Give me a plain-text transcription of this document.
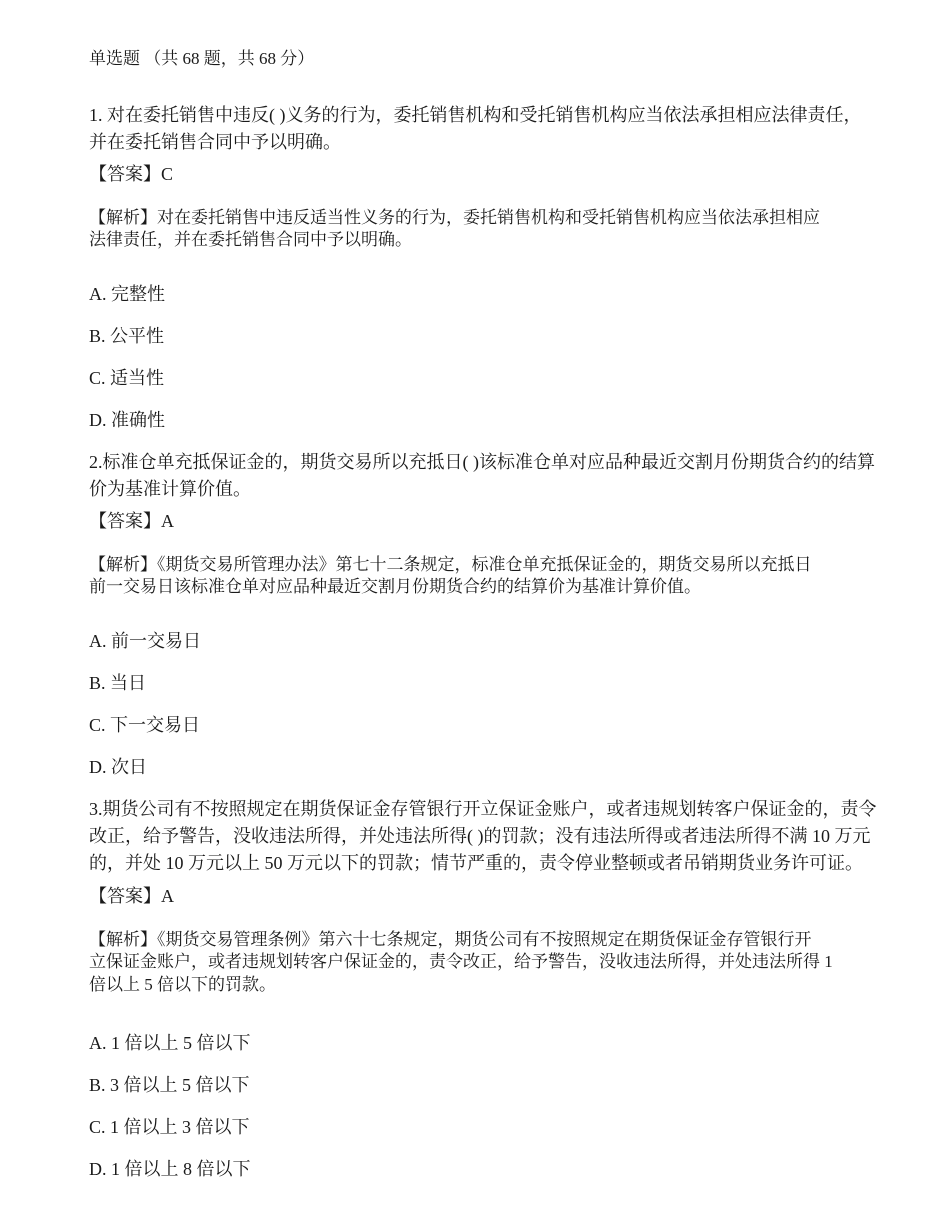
单选题 （共 68 题，共 68 分）
1. 对在委托销售中违反( )义务的行为，委托销售机构和受托销售机构应当依法承担相应法律责任，
并在委托销售合同中予以明确。
【答案】C
【解析】对在委托销售中违反适当性义务的行为，委托销售机构和受托销售机构应当依法承担相应
法律责任，并在委托销售合同中予以明确。
A. 完整性
B. 公平性
C. 适当性
D. 准确性
2.标准仓单充抵保证金的，期货交易所以充抵日( )该标准仓单对应品种最近交割月份期货合约的结算
价为基准计算价值。
【答案】A
【解析】《期货交易所管理办法》第七十二条规定，标准仓单充抵保证金的，期货交易所以充抵日
前一交易日该标准仓单对应品种最近交割月份期货合约的结算价为基准计算价值。
A. 前一交易日
B. 当日
C. 下一交易日
D. 次日
3.期货公司有不按照规定在期货保证金存管银行开立保证金账户，或者违规划转客户保证金的，责令
改正，给予警告，没收违法所得，并处违法所得( )的罚款；没有违法所得或者违法所得不满 10 万元
的，并处 10 万元以上 50 万元以下的罚款；情节严重的，责令停业整顿或者吊销期货业务许可证。
【答案】A
【解析】《期货交易管理条例》第六十七条规定，期货公司有不按照规定在期货保证金存管银行开
立保证金账户，或者违规划转客户保证金的，责令改正，给予警告，没收违法所得，并处违法所得 1
倍以上 5 倍以下的罚款。
A. 1 倍以上 5 倍以下
B. 3 倍以上 5 倍以下
C. 1 倍以上 3 倍以下
D. 1 倍以上 8 倍以下
